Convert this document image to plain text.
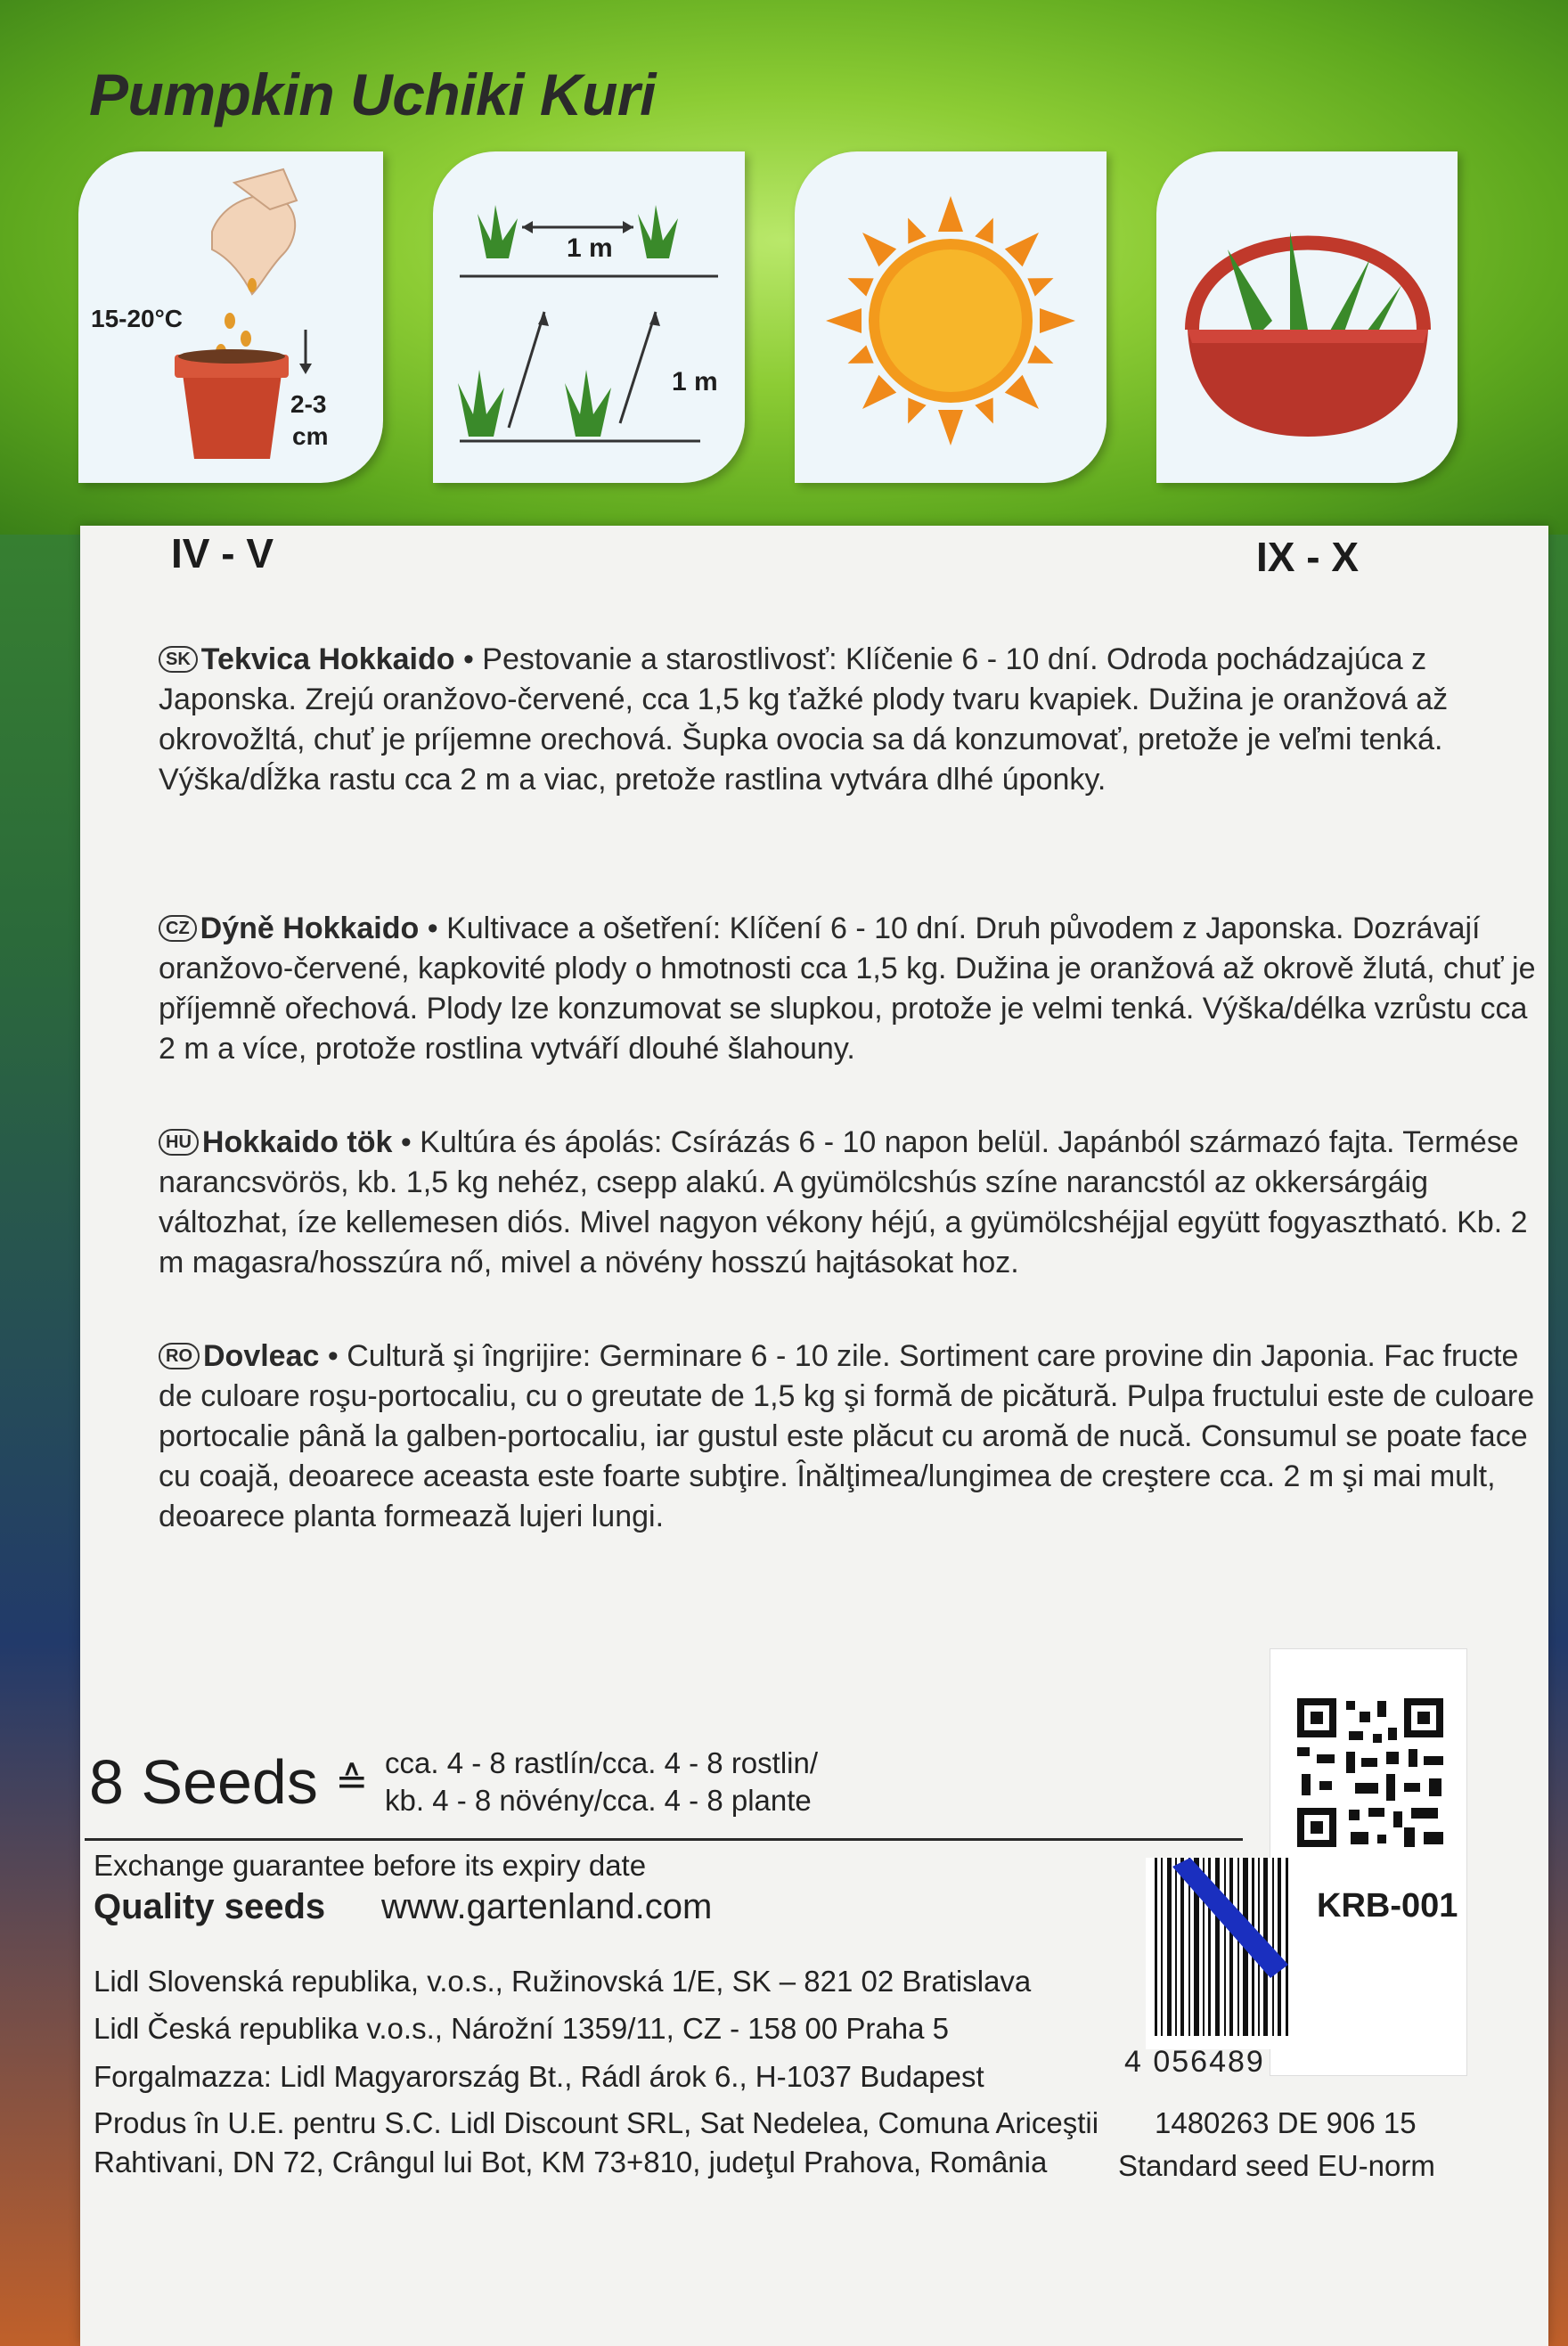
Pumpkin Uchiki Kuri
15-20°C
2-3
cm
1 m
1 m
IV - V	IX - X
SK Tekvica Hokkaido • Pestovanie a starostlivosť: Klíčenie 6 - 10 dní. Odroda pochádzajúca z Japonska. Zrejú oranžovo-červené, cca 1,5 kg ťažké plody tvaru kvapiek. Dužina je oranžová až okrovožltá, chuť je príjemne orechová. Šupka ovocia sa dá konzumovať, pretože je veľmi tenká. Výška/dĺžka rastu cca 2 m a viac, pretože rastlina vytvára dlhé úponky.
CZ Dýně Hokkaido • Kultivace a ošetření: Klíčení 6 - 10 dní. Druh původem z Japonska. Dozrávají oranžovo-červené, kapkovité plody o hmotnosti cca 1,5 kg. Dužina je oranžová až okrově žlutá, chuť je příjemně ořechová. Plody lze konzumovat se slupkou, protože je velmi tenká. Výška/délka vzrůstu cca 2 m a více, protože rostlina vytváří dlouhé šlahouny.
HU Hokkaido tök • Kultúra és ápolás: Csírázás 6 - 10 napon belül. Japánból származó fajta. Termése narancsvörös, kb. 1,5 kg nehéz, csepp alakú. A gyümölcshús színe narancstól az okkersárgáig változhat, íze kellemesen diós. Mivel nagyon vékony héjú, a gyümölcshéjjal együtt fogyasztható. Kb. 2 m magasra/hosszúra nő, mivel a növény hosszú hajtásokat hoz.
RO Dovleac • Cultură şi îngrijire: Germinare 6 - 10 zile. Sortiment care provine din Japonia. Fac fructe de culoare roşu-portocaliu, cu o greutate de 1,5 kg şi formă de picătură. Pulpa fructului este de culoare portocalie până la galben-portocaliu, iar gustul este plăcut cu aromă de nucă. Consumul se poate face cu coajă, deoarece aceasta este foarte subţire. Înălţimea/lungimea de creştere cca. 2 m şi mai mult, deoarece planta formează lujeri lungi.
8 Seeds ≙ cca. 4 - 8 rastlín/cca. 4 - 8 rostlin/
kb. 4 - 8 növény/cca. 4 - 8 plante
Exchange guarantee before its expiry date
Quality seeds www.gartenland.com
Lidl Slovenská republika, v.o.s., Ružinovská 1/E, SK – 821 02 Bratislava
Lidl Česká republika v.o.s., Nárožní 1359/11, CZ - 158 00 Praha 5
Forgalmazza: Lidl Magyarország Bt., Rádl árok 6., H-1037 Budapest
Produs în U.E. pentru S.C. Lidl Discount SRL, Sat Nedelea, Comuna Ariceştii
Rahtivani, DN 72, Crângul lui Bot, KM 73+810, judeţul Prahova, România
1480263 DE 906 15
Standard seed EU-norm
KRB-001
4 056489
